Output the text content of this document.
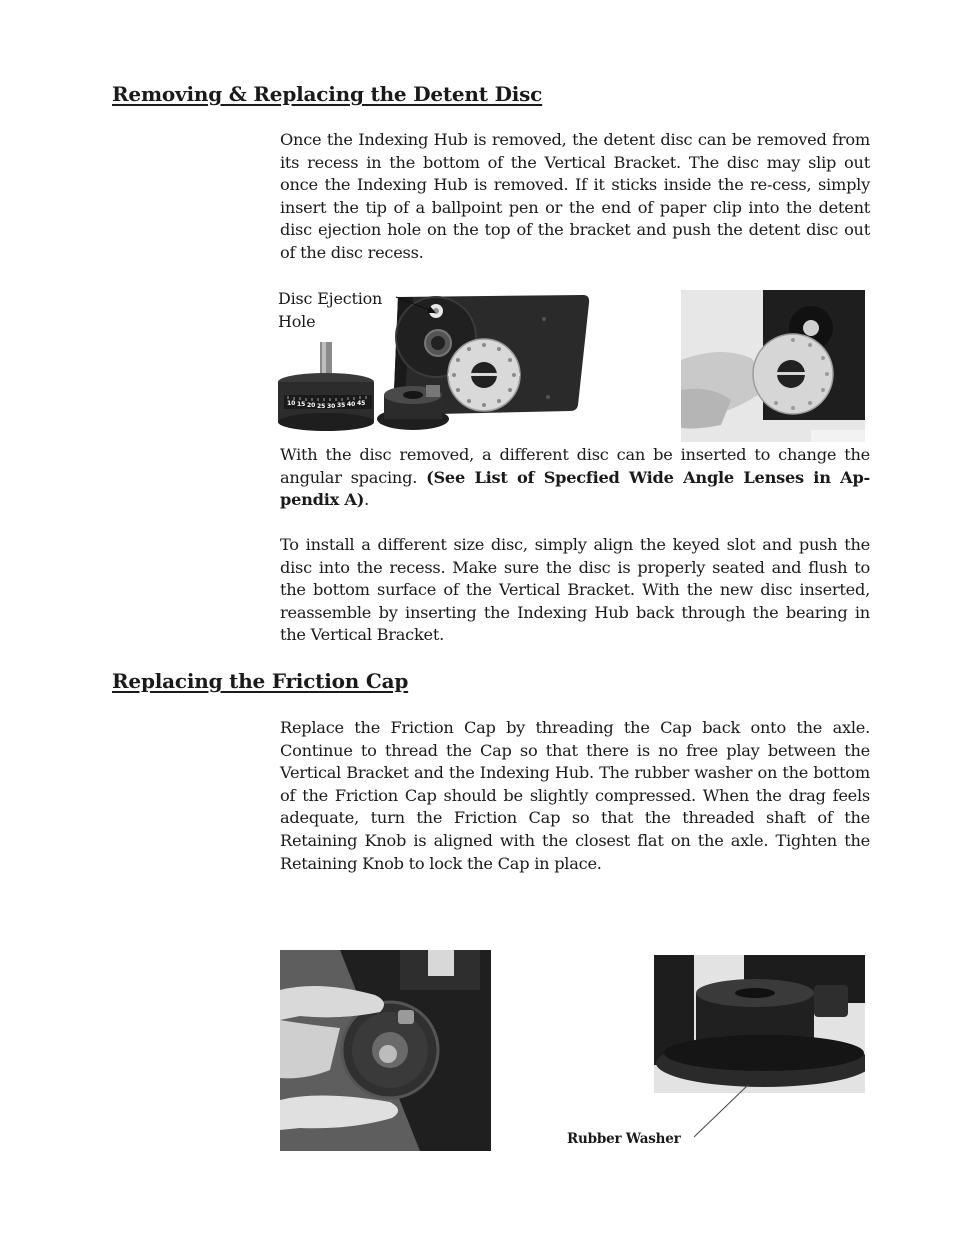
Removing & Replacing the Detent Disc

Once the Indexing Hub is removed, the detent disc can be removed from its recess in the bottom of the Vertical Bracket. The disc may slip out once the Indexing Hub is removed. If it sticks inside the re-cess, simply insert the tip of a ballpoint pen or the end of paper clip into the detent disc ejection hole on the top of the bracket and push the detent disc out of the disc recess.

10 15 20 25 30 35 40 45
Disc Ejection
Hole

With the disc removed, a different disc can be inserted to change the angular spacing. (See List of Specfied Wide Angle Lenses in Ap-pendix A).

To install a different size disc, simply align the keyed slot and push the disc into the recess. Make sure the disc is properly seated and flush to the bottom surface of the Vertical Bracket. With the new disc inserted, reassemble by inserting the Indexing Hub back through the bearing in the Vertical Bracket.

Replacing the Friction Cap

Replace the Friction Cap by threading the Cap back onto the axle. Continue to thread the Cap so that there is no free play between the Vertical Bracket and the Indexing Hub. The rubber washer on the bottom of the Friction Cap should be slightly compressed. When the drag feels adequate, turn the Friction Cap so that the threaded shaft of the Retaining Knob is aligned with the closest flat on the axle. Tighten the Retaining Knob to lock the Cap in place.

Rubber Washer
